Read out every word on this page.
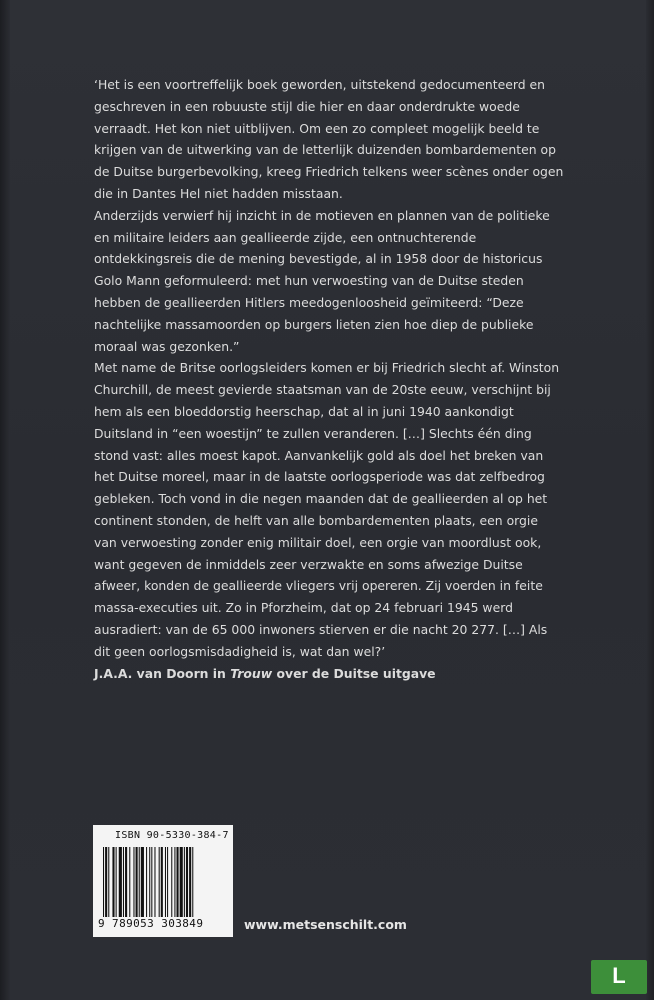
‘Het is een voortreffelijk boek geworden, uitstekend gedocumenteerd en geschreven in een robuuste stijl die hier en daar onderdrukte woede verraadt. Het kon niet uitblijven. Om een zo compleet mogelijk beeld te krijgen van de uitwerking van de letterlijk duizenden bombardementen op de Duitse burgerbevolking, kreeg Friedrich telkens weer scènes onder ogen die in Dantes Hel niet hadden misstaan.

Anderzijds verwierf hij inzicht in de motieven en plannen van de politieke en militaire leiders aan geallieerde zijde, een ontnuchterende ontdekkingsreis die de mening bevestigde, al in 1958 door de historicus Golo Mann geformuleerd: met hun verwoesting van de Duitse steden hebben de geallieerden Hitlers meedogenloosheid geïmiteerd: “Deze nachtelijke massamoorden op burgers lieten zien hoe diep de publieke moraal was gezonken.”

Met name de Britse oorlogsleiders komen er bij Friedrich slecht af. Winston Churchill, de meest gevierde staatsman van de 20ste eeuw, verschijnt bij hem als een bloeddorstig heerschap, dat al in juni 1940 aankondigt Duitsland in “een woestijn” te zullen veranderen. […] Slechts één ding stond vast: alles moest kapot. Aanvankelijk gold als doel het breken van het Duitse moreel, maar in de laatste oorlogsperiode was dat zelfbedrog gebleken. Toch vond in die negen maanden dat de geallieerden al op het continent stonden, de helft van alle bombardementen plaats, een orgie van verwoesting zonder enig militair doel, een orgie van moordlust ook, want gegeven de inmiddels zeer verzwakte en soms afwezige Duitse afweer, konden de geallieerde vliegers vrij opereren. Zij voerden in feite massa-executies uit. Zo in Pforzheim, dat op 24 februari 1945 werd ausradiert: van de 65 000 inwoners stierven er die nacht 20 277. […] Als dit geen oorlogsmisdadigheid is, wat dan wel?’

J.A.A. van Doorn in Trouw over de Duitse uitgave

ISBN 90-5330-384-7
9 789053 303849	www.metsenschilt.com
L
